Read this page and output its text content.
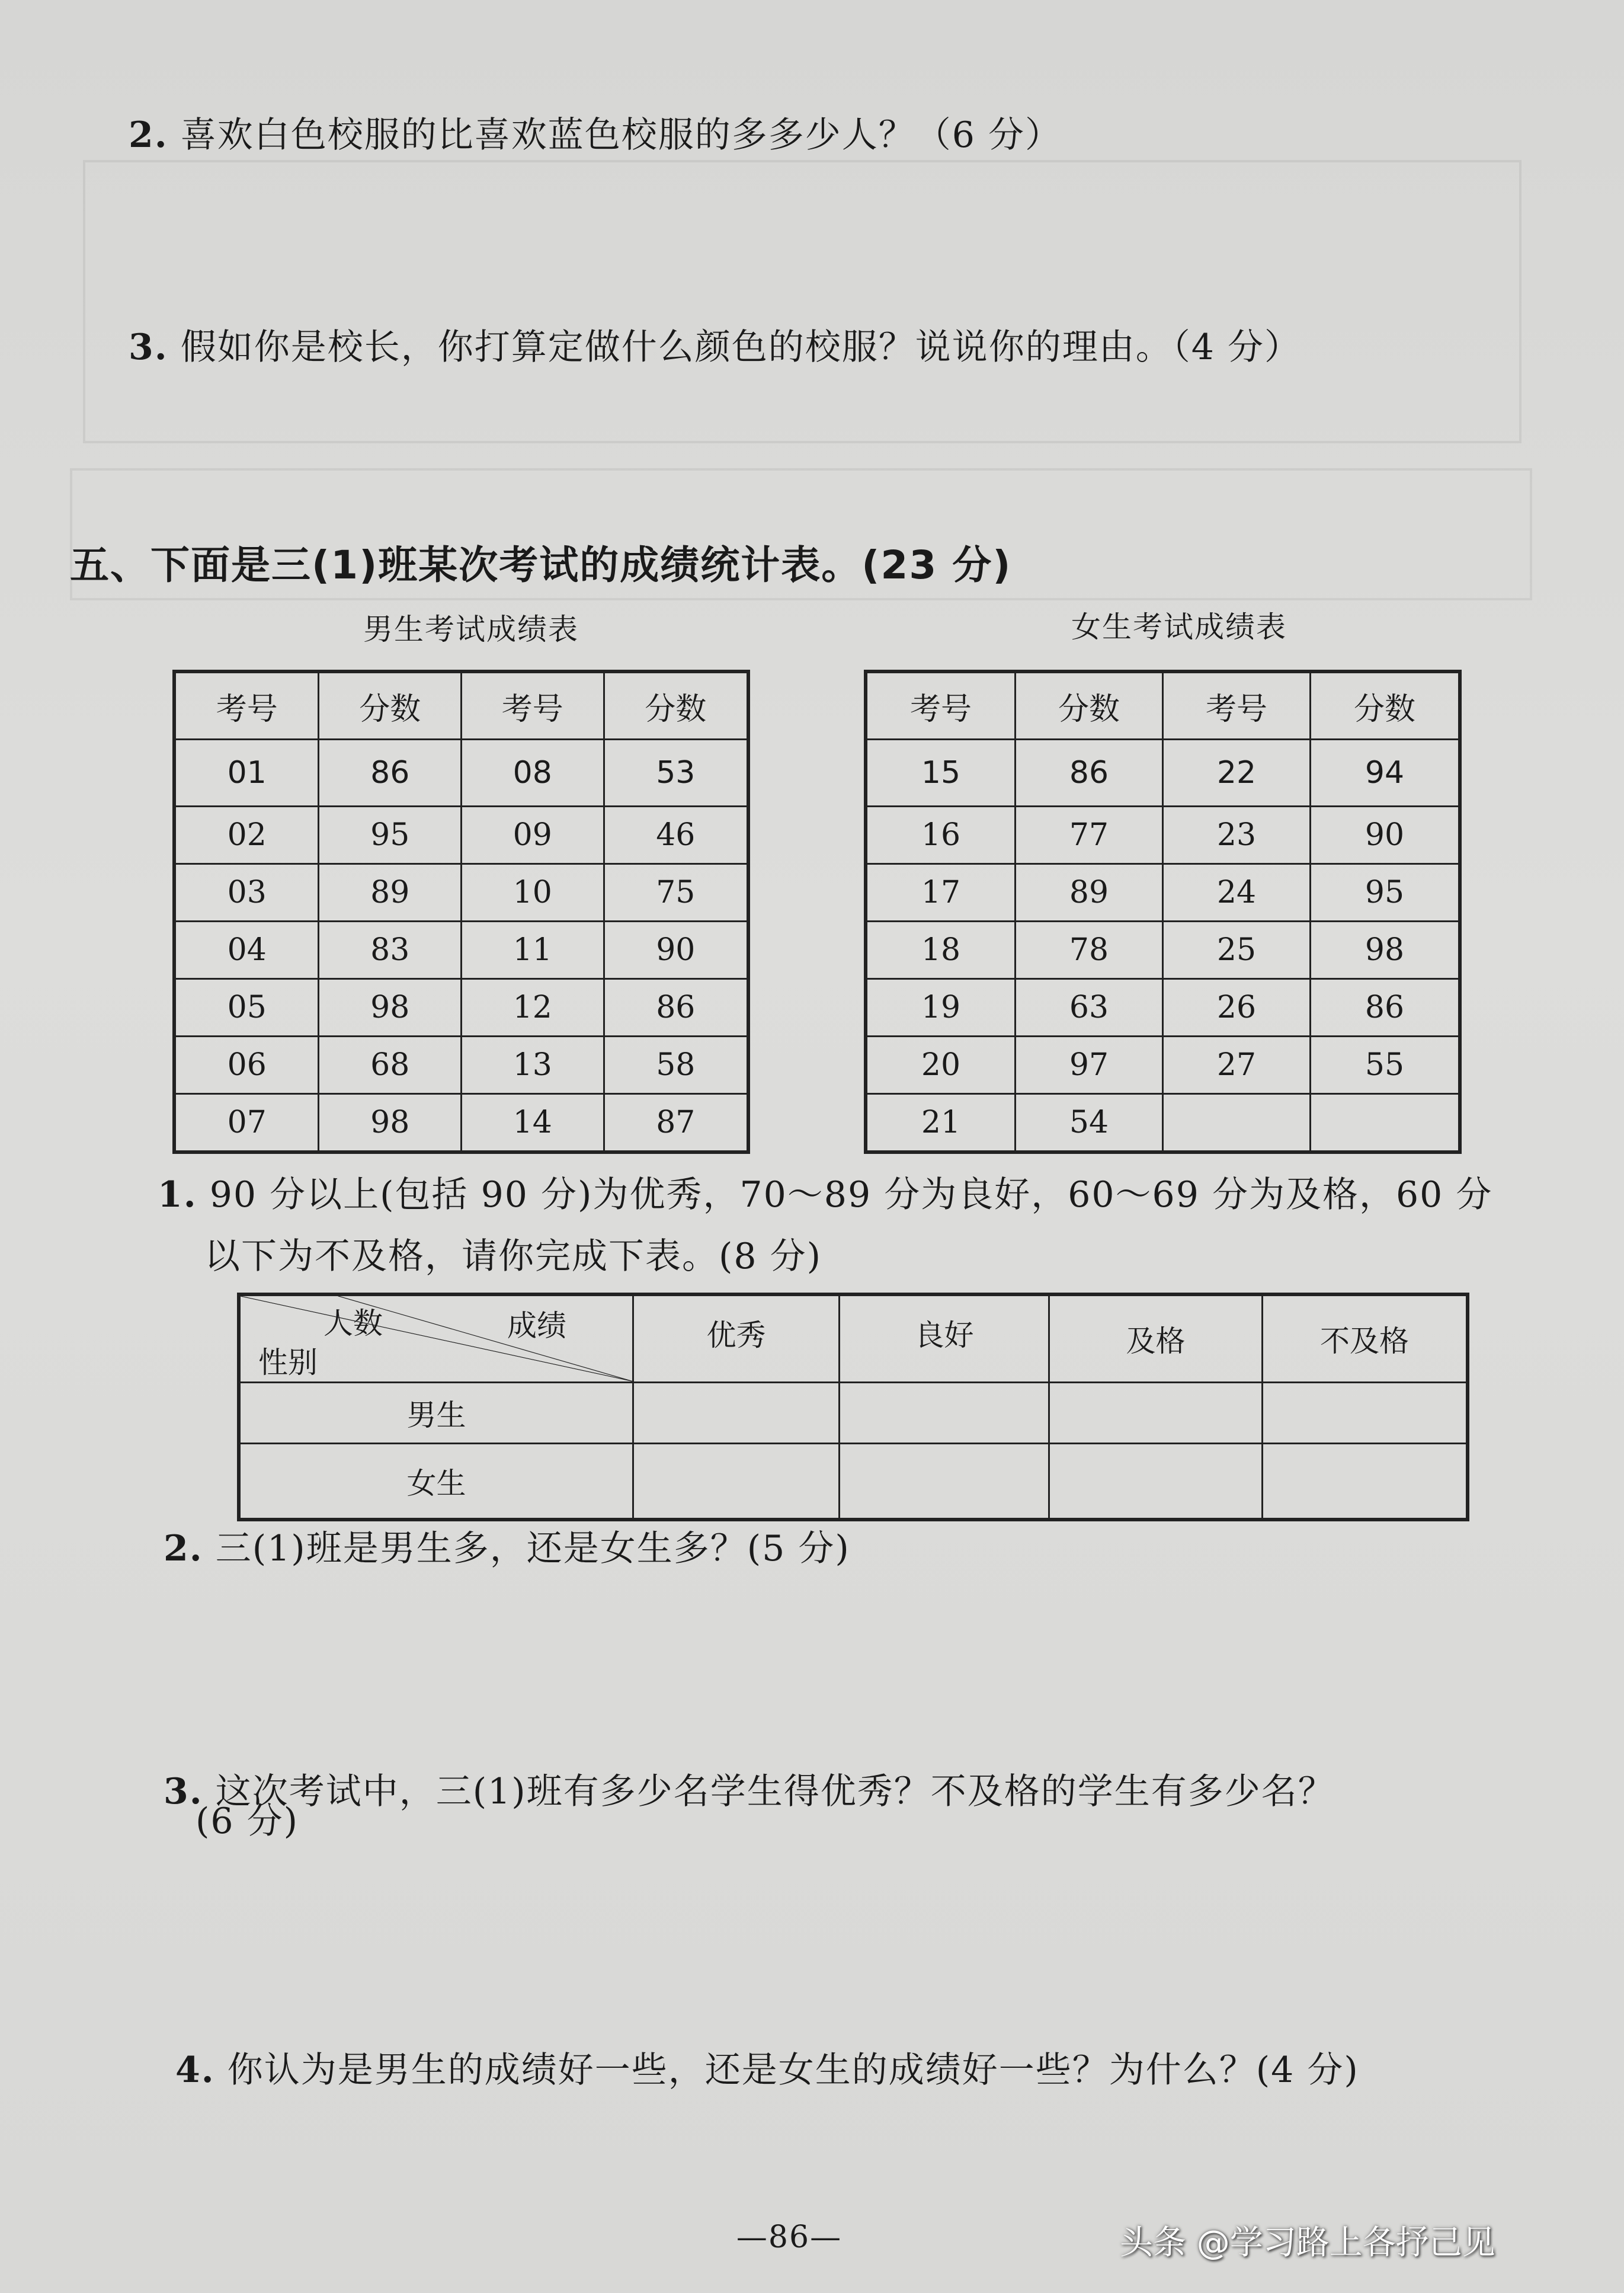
2. 喜欢白色校服的比喜欢蓝色校服的多多少人？（6 分）
3. 假如你是校长，你打算定做什么颜色的校服？说说你的理由。（4 分）
五、下面是三(1)班某次考试的成绩统计表。(23 分)
男生考试成绩表	女生考试成绩表
考号	分数	考号	分数
01	86	08	53
02	95	09	46
03	89	10	75
04	83	11	90
05	98	12	86
06	68	13	58
07	98	14	87
考号	分数	考号	分数
15	86	22	94
16	77	23	90
17	89	24	95
18	78	25	98
19	63	26	86
20	97	27	55
21	54		
1. 90 分以上(包括 90 分)为优秀，70～89 分为良好，60～69 分为及格，60 分
以下为不及格，请你完成下表。(8 分)
人数 成绩
性别	优秀	良好	及格	不及格
男生				
女生				
2. 三(1)班是男生多，还是女生多？(5 分)
3. 这次考试中，三(1)班有多少名学生得优秀？不及格的学生有多少名？
(6 分)
4. 你认为是男生的成绩好一些，还是女生的成绩好一些？为什么？(4 分)
—86—	头条 @学习路上各抒己见
